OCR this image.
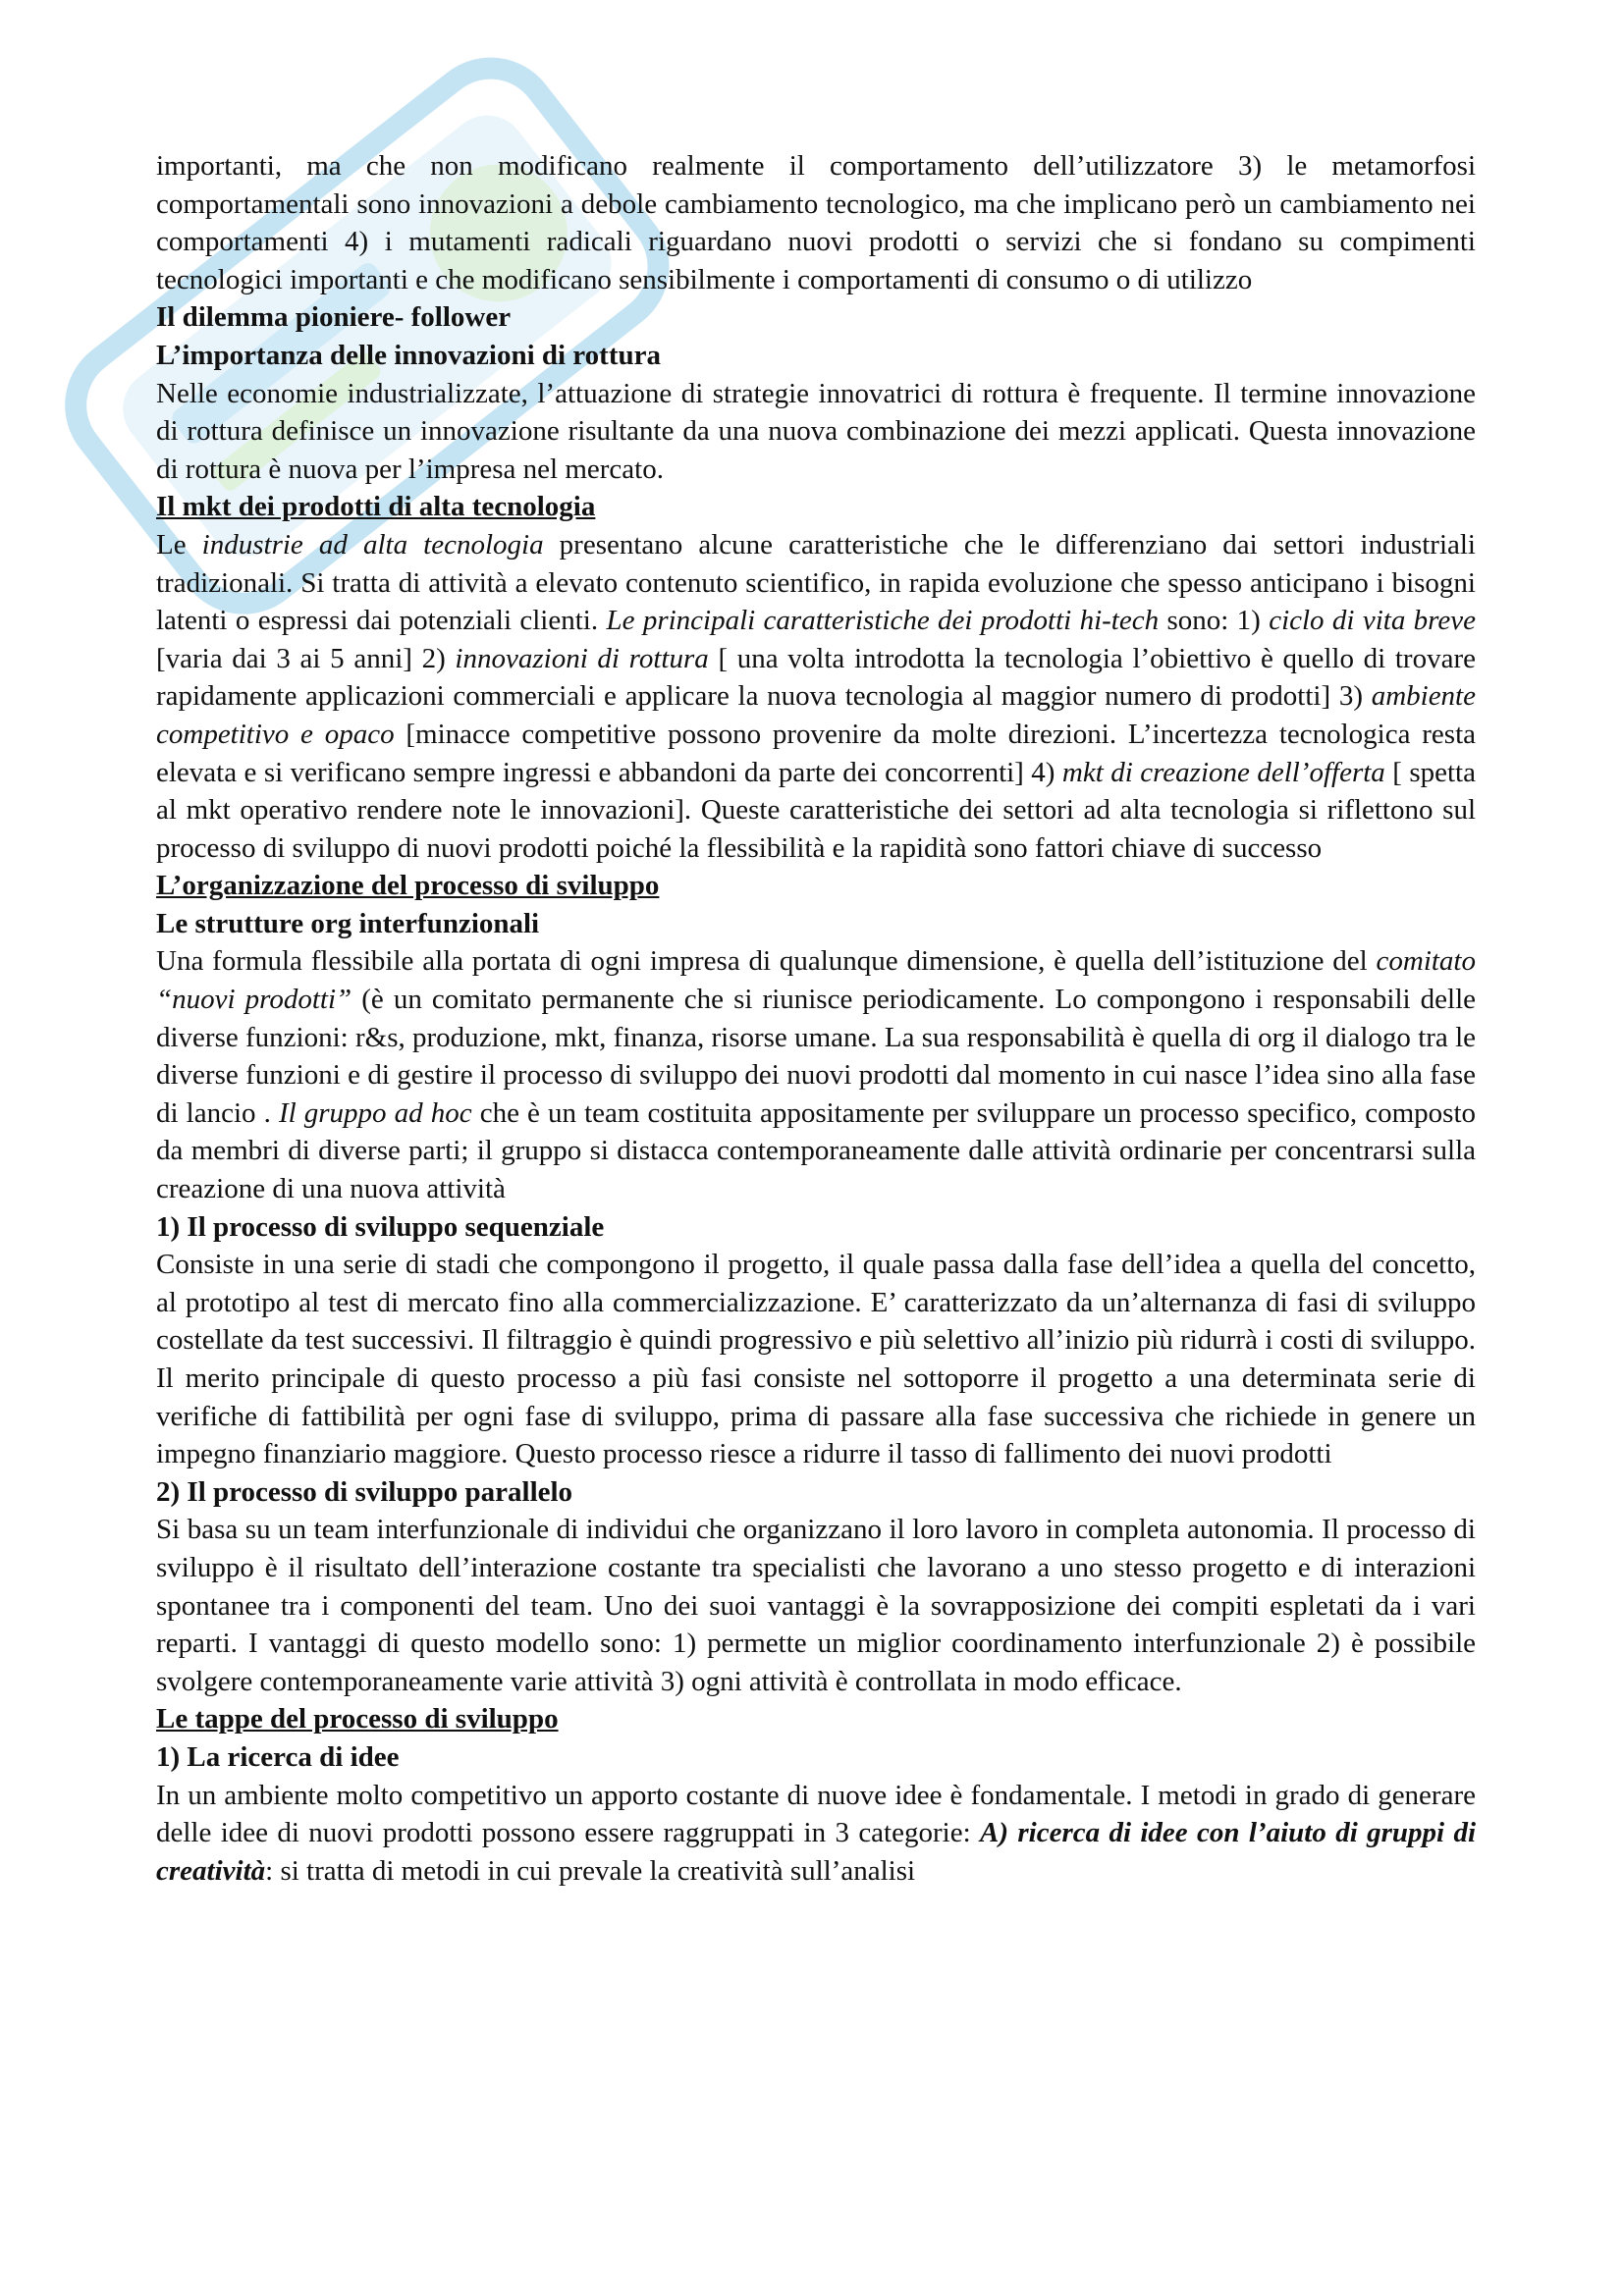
importanti, ma che non modificano realmente il comportamento dell’utilizzatore 3) le metamorfosi comportamentali sono innovazioni a debole cambiamento tecnologico, ma che implicano però un cambiamento nei comportamenti 4) i mutamenti radicali riguardano nuovi prodotti o servizi che si fondano su compimenti tecnologici importanti e che modificano sensibilmente i comportamenti di consumo o di utilizzo

Il dilemma pioniere- follower
L’importanza delle innovazioni di rottura

Nelle economie industrializzate, l’attuazione di strategie innovatrici di rottura è frequente. Il termine innovazione di rottura definisce un innovazione risultante da una nuova combinazione dei mezzi applicati. Questa innovazione di rottura è nuova per l’impresa nel mercato.

Il mkt dei prodotti di alta tecnologia

Le industrie ad alta tecnologia presentano alcune caratteristiche che le differenziano dai settori industriali tradizionali. Si tratta di attività a elevato contenuto scientifico, in rapida evoluzione che spesso anticipano i bisogni latenti o espressi dai potenziali clienti. Le principali caratteristiche dei prodotti hi-tech sono: 1) ciclo di vita breve [varia dai 3 ai 5 anni] 2) innovazioni di rottura [ una volta introdotta la tecnologia l’obiettivo è quello di trovare rapidamente applicazioni commerciali e applicare la nuova tecnologia al maggior numero di prodotti] 3) ambiente competitivo e opaco [minacce competitive possono provenire da molte direzioni. L’incertezza tecnologica resta elevata e si verificano sempre ingressi e abbandoni da parte dei concorrenti] 4) mkt di creazione dell’offerta [ spetta al mkt operativo rendere note le innovazioni]. Queste caratteristiche dei settori ad alta tecnologia si riflettono sul processo di sviluppo di nuovi prodotti poiché la flessibilità e la rapidità sono fattori chiave di successo

L’organizzazione del processo di sviluppo
Le strutture org interfunzionali

Una formula flessibile alla portata di ogni impresa di qualunque dimensione, è quella dell’istituzione del comitato “nuovi prodotti” (è un comitato permanente che si riunisce periodicamente. Lo compongono i responsabili delle diverse funzioni: r&s, produzione, mkt, finanza, risorse umane. La sua responsabilità è quella di org il dialogo tra le diverse funzioni e di gestire il processo di sviluppo dei nuovi prodotti dal momento in cui nasce l’idea sino alla fase di lancio . Il gruppo ad hoc che è un team costituita appositamente per sviluppare un processo specifico, composto da membri di diverse parti; il gruppo si distacca contemporaneamente dalle attività ordinarie per concentrarsi sulla creazione di una nuova attività

1) Il processo di sviluppo sequenziale

Consiste in una serie di stadi che compongono il progetto, il quale passa dalla fase dell’idea a quella del concetto, al prototipo al test di mercato fino alla commercializzazione. E’ caratterizzato da un’alternanza di fasi di sviluppo costellate da test successivi. Il filtraggio è quindi progressivo e più selettivo all’inizio più ridurrà i costi di sviluppo. Il merito principale di questo processo a più fasi consiste nel sottoporre il progetto a una determinata serie di verifiche di fattibilità per ogni fase di sviluppo, prima di passare alla fase successiva che richiede in genere un impegno finanziario maggiore. Questo processo riesce a ridurre il tasso di fallimento dei nuovi prodotti

2) Il processo di sviluppo parallelo

Si basa su un team interfunzionale di individui che organizzano il loro lavoro in completa autonomia. Il processo di sviluppo è il risultato dell’interazione costante tra specialisti che lavorano a uno stesso progetto e di interazioni spontanee tra i componenti del team. Uno dei suoi vantaggi è la sovrapposizione dei compiti espletati da i vari reparti. I vantaggi di questo modello sono: 1) permette un miglior coordinamento interfunzionale 2) è possibile svolgere contemporaneamente varie attività 3) ogni attività è controllata in modo efficace.

Le tappe del processo di sviluppo
1) La ricerca di idee

In un ambiente molto competitivo un apporto costante di nuove idee è fondamentale. I metodi in grado di generare delle idee di nuovi prodotti possono essere raggruppati in 3 categorie: A) ricerca di idee con l’aiuto di gruppi di creatività: si tratta di metodi in cui prevale la creatività sull’analisi
